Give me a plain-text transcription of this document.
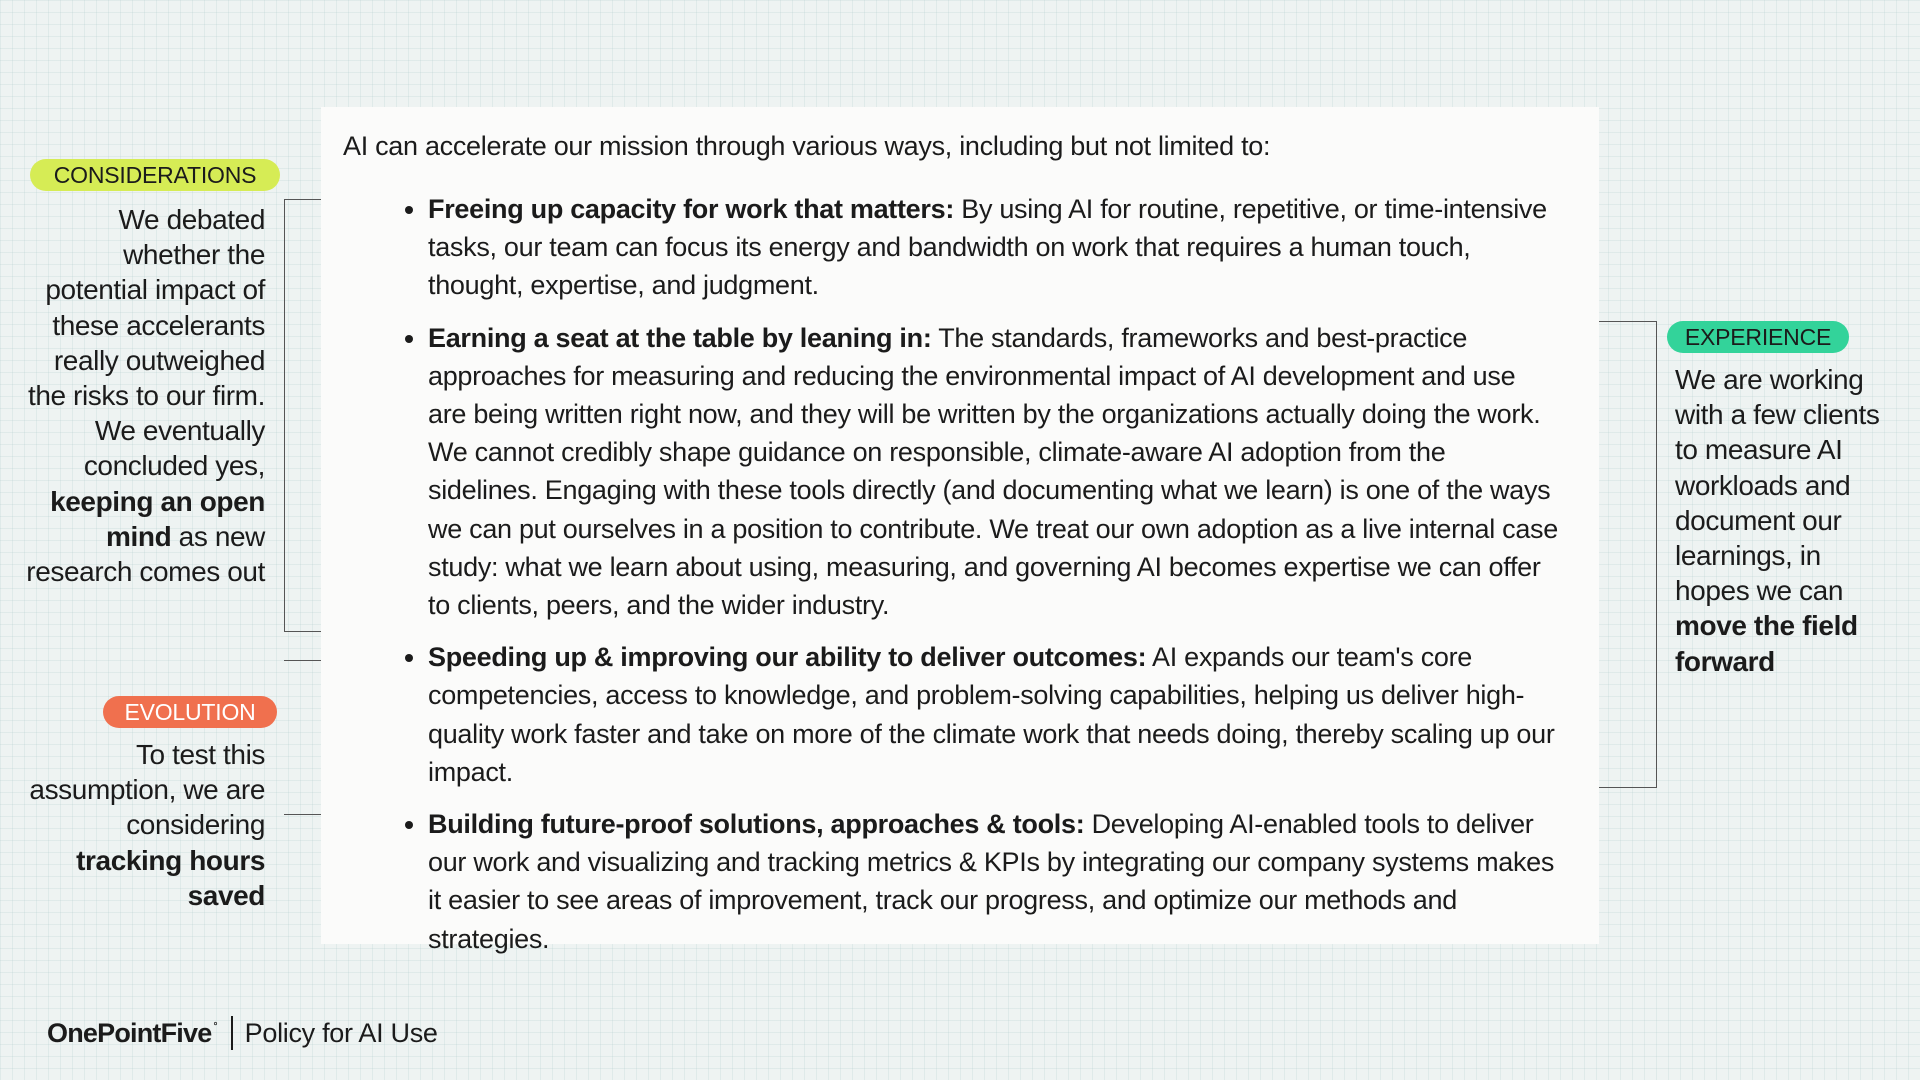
CONSIDERATIONS
We debated whether the potential impact of these accelerants really outweighed the risks to our firm. We eventually concluded yes, keeping an open mind as new research comes out
EVOLUTION
To test this assumption, we are considering tracking hours saved

AI can accelerate our mission through various ways, including but not limited to:

Freeing up capacity for work that matters: By using AI for routine, repetitive, or time-intensive tasks, our team can focus its energy and bandwidth on work that requires a human touch, thought, expertise, and judgment.
Earning a seat at the table by leaning in: The standards, frameworks and best-practice approaches for measuring and reducing the environmental impact of AI development and use are being written right now, and they will be written by the organizations actually doing the work. We cannot credibly shape guidance on responsible, climate-aware AI adoption from the sidelines. Engaging with these tools directly (and documenting what we learn) is one of the ways we can put ourselves in a position to contribute. We treat our own adoption as a live internal case study: what we learn about using, measuring, and governing AI becomes expertise we can offer to clients, peers, and the wider industry.
Speeding up & improving our ability to deliver outcomes: AI expands our team's core competencies, access to knowledge, and problem-solving capabilities, helping us deliver high-quality work faster and take on more of the climate work that needs doing, thereby scaling up our impact.
Building future-proof solutions, approaches & tools: Developing AI-enabled tools to deliver our work and visualizing and tracking metrics & KPIs by integrating our company systems makes it easier to see areas of improvement, track our progress, and optimize our methods and strategies.
EXPERIENCE
We are working with a few clients to measure AI workloads and document our learnings, in hopes we can move the field forward
OnePointFive ° Policy for AI Use
